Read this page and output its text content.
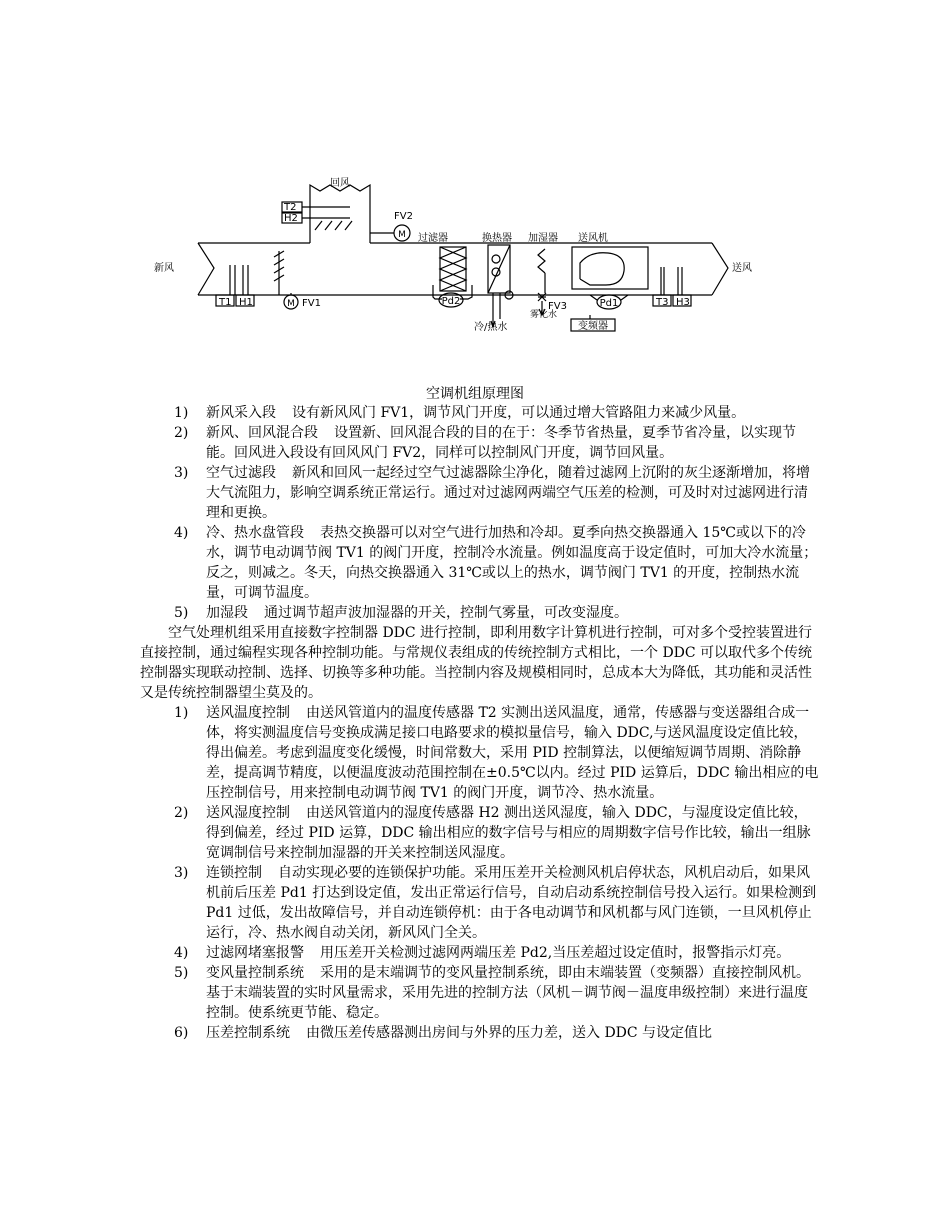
回风
T2
H2	FV2
M 过滤器	换热器 加湿器 送风机
新风	送风
T1 H1	M FV1	Pd2
冷/热水
雾化水
FV3	Pd1
变频器
T3 H3
空调机组原理图
1) 新风采入段 设有新风风门 FV1，调节风门开度，可以通过增大管路阻力来减少风量。
2) 新风、回风混合段 设置新、回风混合段的目的在于：冬季节省热量，夏季节省冷量，以实现节能。回风进入段设有回风风门 FV2，同样可以控制风门开度，调节回风量。
3) 空气过滤段 新风和回风一起经过空气过滤器除尘净化，随着过滤网上沉附的灰尘逐渐增加，将增大气流阻力，影响空调系统正常运行。通过对过滤网两端空气压差的检测，可及时对过滤网进行清理和更换。
4) 冷、热水盘管段 表热交换器可以对空气进行加热和冷却。夏季向热交换器通入 15℃或以下的冷水，调节电动调节阀 TV1 的阀门开度，控制冷水流量。例如温度高于设定值时，可加大冷水流量；反之，则减之。冬天，向热交换器通入 31℃或以上的热水，调节阀门 TV1 的开度，控制热水流量，可调节温度。
5) 加湿段 通过调节超声波加湿器的开关，控制气雾量，可改变湿度。
空气处理机组采用直接数字控制器 DDC 进行控制，即利用数字计算机进行控制，可对多个受控装置进行直接控制，通过编程实现各种控制功能。与常规仪表组成的传统控制方式相比，一个 DDC 可以取代多个传统控制器实现联动控制、选择、切换等多种功能。当控制内容及规模相同时，总成本大为降低，其功能和灵活性又是传统控制器望尘莫及的。
1) 送风温度控制 由送风管道内的温度传感器 T2 实测出送风温度，通常，传感器与变送器组合成一体，将实测温度信号变换成满足接口电路要求的模拟量信号，输入 DDC,与送风温度设定值比较，得出偏差。考虑到温度变化缓慢，时间常数大，采用 PID 控制算法，以便缩短调节周期、消除静差，提高调节精度，以便温度波动范围控制在±0.5℃以内。经过 PID 运算后，DDC 输出相应的电压控制信号，用来控制电动调节阀 TV1 的阀门开度，调节冷、热水流量。
2) 送风湿度控制 由送风管道内的湿度传感器 H2 测出送风湿度，输入 DDC，与湿度设定值比较，得到偏差，经过 PID 运算，DDC 输出相应的数字信号与相应的周期数字信号作比较，输出一组脉宽调制信号来控制加湿器的开关来控制送风湿度。
3) 连锁控制 自动实现必要的连锁保护功能。采用压差开关检测风机启停状态，风机启动后，如果风机前后压差 Pd1 打达到设定值，发出正常运行信号，自动启动系统控制信号投入运行。如果检测到 Pd1 过低，发出故障信号，并自动连锁停机：由于各电动调节和风机都与风门连锁，一旦风机停止运行，冷、热水阀自动关闭，新风风门全关。
4) 过滤网堵塞报警 用压差开关检测过滤网两端压差 Pd2,当压差超过设定值时，报警指示灯亮。
5) 变风量控制系统 采用的是末端调节的变风量控制系统，即由末端装置（变频器）直接控制风机。基于末端装置的实时风量需求，采用先进的控制方法（风机－调节阀－温度串级控制）来进行温度控制。使系统更节能、稳定。
6) 压差控制系统 由微压差传感器测出房间与外界的压力差，送入 DDC 与设定值比
